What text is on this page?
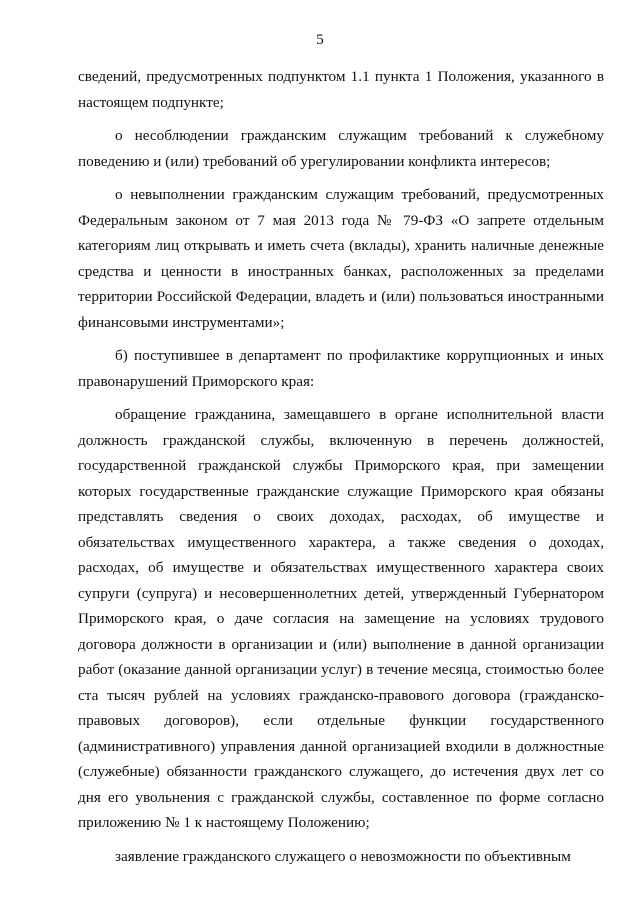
5

сведений, предусмотренных подпунктом 1.1 пункта 1 Положения, указанного в настоящем подпункте;

о несоблюдении гражданским служащим требований к служебному поведению и (или) требований об урегулировании конфликта интересов;

о невыполнении гражданским служащим требований, предусмотренных Федеральным законом от 7 мая 2013 года № 79-ФЗ «О запрете отдельным категориям лиц открывать и иметь счета (вклады), хранить наличные денежные средства и ценности в иностранных банках, расположенных за пределами территории Российской Федерации, владеть и (или) пользоваться иностранными финансовыми инструментами»;

б) поступившее в департамент по профилактике коррупционных и иных правонарушений Приморского края:

обращение гражданина, замещавшего в органе исполнительной власти должность гражданской службы, включенную в перечень должностей, государственной гражданской службы Приморского края, при замещении которых государственные гражданские служащие Приморского края обязаны представлять сведения о своих доходах, расходах, об имуществе и обязательствах имущественного характера, а также сведения о доходах, расходах, об имуществе и обязательствах имущественного характера своих супруги (супруга) и несовершеннолетних детей, утвержденный Губернатором Приморского края, о даче согласия на замещение на условиях трудового договора должности в организации и (или) выполнение в данной организации работ (оказание данной организации услуг) в течение месяца, стоимостью более ста тысяч рублей на условиях гражданско-правового договора (гражданско-правовых договоров), если отдельные функции государственного (административного) управления данной организацией входили в должностные (служебные) обязанности гражданского служащего, до истечения двух лет со дня его увольнения с гражданской службы, составленное по форме согласно приложению № 1 к настоящему Положению;

заявление гражданского служащего о невозможности по объективным
